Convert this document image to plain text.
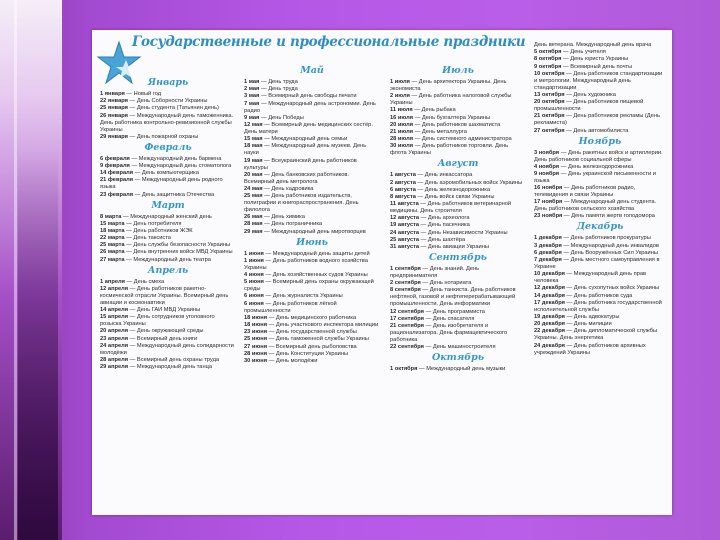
Государственные и профессиональные праздники
Январь

1 января — Новый год

22 января — День Соборности Украины

25 января — День студента (Татьянин день)

26 января — Международный день таможенника. День работника контрольно-ревизионной службы Украины

29 января — День пожарной охраны

Февраль

6 февраля — Международный день бармена

9 февраля — Международный день стоматолога

14 февраля — День компьютерщика

21 февраля — Международный день родного языка

23 февраля — День защитника Отечества

Март

8 марта — Международный женский день

15 марта — День потребителя

18 марта — День работников ЖЭК

22 марта — День таксиста

25 марта — День службы безопасности Украины

26 марта — День внутренних войск МВД Украины

27 марта — Международный день театра

Апрель

1 апреля — День смеха

12 апреля — День работников ракетно-космической отрасли Украины. Всемирный день авиации и космонавтики

14 апреля — День ГАИ МВД Украины

15 апреля — День сотрудников уголовного розыска Украины

20 апреля — День окружающей среды

23 апреля — Всемирный день книги

24 апреля — Международный день солидарности молодёжи

28 апреля — Всемирный день охраны труда

29 апреля — Международный день танца

Май

1 мая — День труда

2 мая — День труда

3 мая — Всемирный день свободы печати

7 мая — Международный день астрономии. День радио

9 мая — День Победы

12 мая — Всемирный день медицинских сестёр. День матери

15 мая — Международный день семьи

18 мая — Международный день музеев. День науки

19 мая — Всеукраинский день работников культуры

20 мая — День банковских работников. Всемирный день метролога

24 мая — День кадровика

25 мая — День работников издательств, полиграфии и книгораспространения. День филолога

26 мая — День химика

28 мая — День пограничника

29 мая — Международный день миротворцев

Июнь

1 июня — Международный день защиты детей

1 июня — День работников водного хозяйства Украины

4 июня — День хозяйственных судов Украины

5 июня — Всемирный день охраны окружающей среды

6 июня — День журналиста Украины

6 июня — День работников лёгкой промышленности

18 июня — День медицинского работника

18 июня — День участкового инспектора милиции

23 июня — День государственной службы

25 июня — День таможенной службы Украины

27 июня — Всемирный день рыболовства

28 июня — День Конституции Украины

30 июня — День молодёжи

Июль

1 июля — День архитектора Украины. День экономиста

2 июля — День работника налоговой службы Украины

11 июля — День рыбака

16 июля — День бухгалтера Украины

20 июля — День работников шахматиста

21 июля — День металлурга

28 июля — День системного администратора

30 июля — День работников торговли. День флота Украины

Август

1 августа — День инкассатора

2 августа — День аэромобильных войск Украины

6 августа — День железнодорожника

8 августа — День войск связи Украины

11 августа — День работников ветеринарной медицины. День строителя

12 августа — День археолога

19 августа — День пасечника

24 августа — День Независимости Украины

25 августа — День шахтёра

31 августа — День авиации Украины

Сентябрь

1 сентября — День знаний. День предпринимателя

2 сентября — День нотариата

8 сентября — День танкиста. День работников нефтяной, газовой и нефтеперерабатывающей промышленности. День информатики

12 сентября — День программиста

17 сентября — День спасателя

21 сентября — День изобретателя и рационализатора. День фармацевтического работника

22 сентября — День машиностроителя

Октябрь

1 октября — Международный день музыки

День ветерана. Международный день врача

5 октября — День учителя

8 октября — День юриста Украины

9 октября — Всемирный день почты

10 октября — День работников стандартизации и метрологии. Международный день стандартизации

13 октября — День художника

20 октября — День работников пищевой промышленности

21 октября — День работников рекламы (День рекламиста)

27 октября — День автомобилиста

Ноябрь

3 ноября — День ракетных войск и артиллерии. День работников социальной сферы

4 ноября — День железнодорожника

9 ноября — День украинской письменности и языка

16 ноября — День работников радио, телевидения и связи Украины

17 ноября — Международный день студента. День работников сельского хозяйства

23 ноября — День памяти жертв голодомора

Декабрь

1 декабря — День работников прокуратуры

3 декабря — Международный день инвалидов

6 декабря — День Вооружённых Сил Украины

7 декабря — День местного самоуправления в Украине

10 декабря — Международный день прав человека

12 декабря — День сухопутных войск Украины

14 декабря — День работников суда

17 декабря — День работника государственной исполнительной службы

19 декабря — День адвокатуры

20 декабря — День милиции

22 декабря — День дипломатической службы Украины. День энергетика

24 декабря — День работников архивных учреждений Украины
